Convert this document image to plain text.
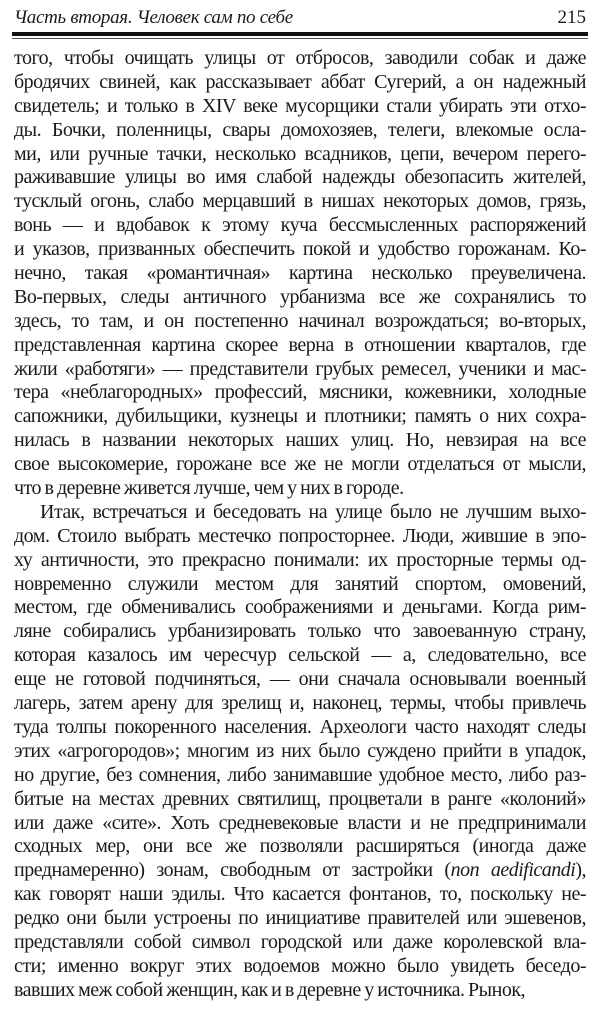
Часть вторая. Человек сам по себе	215
того, чтобы очищать улицы от отбросов, заводили собак и даже
бродячих свиней, как рассказывает аббат Сугерий, а он надежный
свидетель; и только в XIV веке мусорщики стали убирать эти отхо-
ды. Бочки, поленницы, свары домохозяев, телеги, влекомые осла-
ми, или ручные тачки, несколько всадников, цепи, вечером перего-
раживавшие улицы во имя слабой надежды обезопасить жителей,
тусклый огонь, слабо мерцавший в нишах некоторых домов, грязь,
вонь — и вдобавок к этому куча бессмысленных распоряжений
и указов, призванных обеспечить покой и удобство горожанам. Ко-
нечно, такая «романтичная» картина несколько преувеличена.
Во-первых, следы античного урбанизма все же сохранялись то
здесь, то там, и он постепенно начинал возрождаться; во-вторых,
представленная картина скорее верна в отношении кварталов, где
жили «работяги» — представители грубых ремесел, ученики и мас-
тера «неблагородных» профессий, мясники, кожевники, холодные
сапожники, дубильщики, кузнецы и плотники; память о них сохра-
нилась в названии некоторых наших улиц. Но, невзирая на все
свое высокомерие, горожане все же не могли отделаться от мысли,
что в деревне живется лучше, чем у них в городе.
Итак, встречаться и беседовать на улице было не лучшим выхо-
дом. Стоило выбрать местечко попросторнее. Люди, жившие в эпо-
ху античности, это прекрасно понимали: их просторные термы од-
новременно служили местом для занятий спортом, омовений,
местом, где обменивались соображениями и деньгами. Когда рим-
ляне собирались урбанизировать только что завоеванную страну,
которая казалось им чересчур сельской — а, следовательно, все
еще не готовой подчиняться, — они сначала основывали военный
лагерь, затем арену для зрелищ и, наконец, термы, чтобы привлечь
туда толпы покоренного населения. Археологи часто находят следы
этих «агрогородов»; многим из них было суждено прийти в упадок,
но другие, без сомнения, либо занимавшие удобное место, либо раз-
битые на местах древних святилищ, процветали в ранге «колоний»
или даже «сите». Хоть средневековые власти и не предпринимали
сходных мер, они все же позволяли расширяться (иногда даже
преднамеренно) зонам, свободным от застройки (non aedificandi),
как говорят наши эдилы. Что касается фонтанов, то, поскольку не-
редко они были устроены по инициативе правителей или эшевенов,
представляли собой символ городской или даже королевской вла-
сти; именно вокруг этих водоемов можно было увидеть беседо-
вавших меж собой женщин, как и в деревне у источника. Рынок,
